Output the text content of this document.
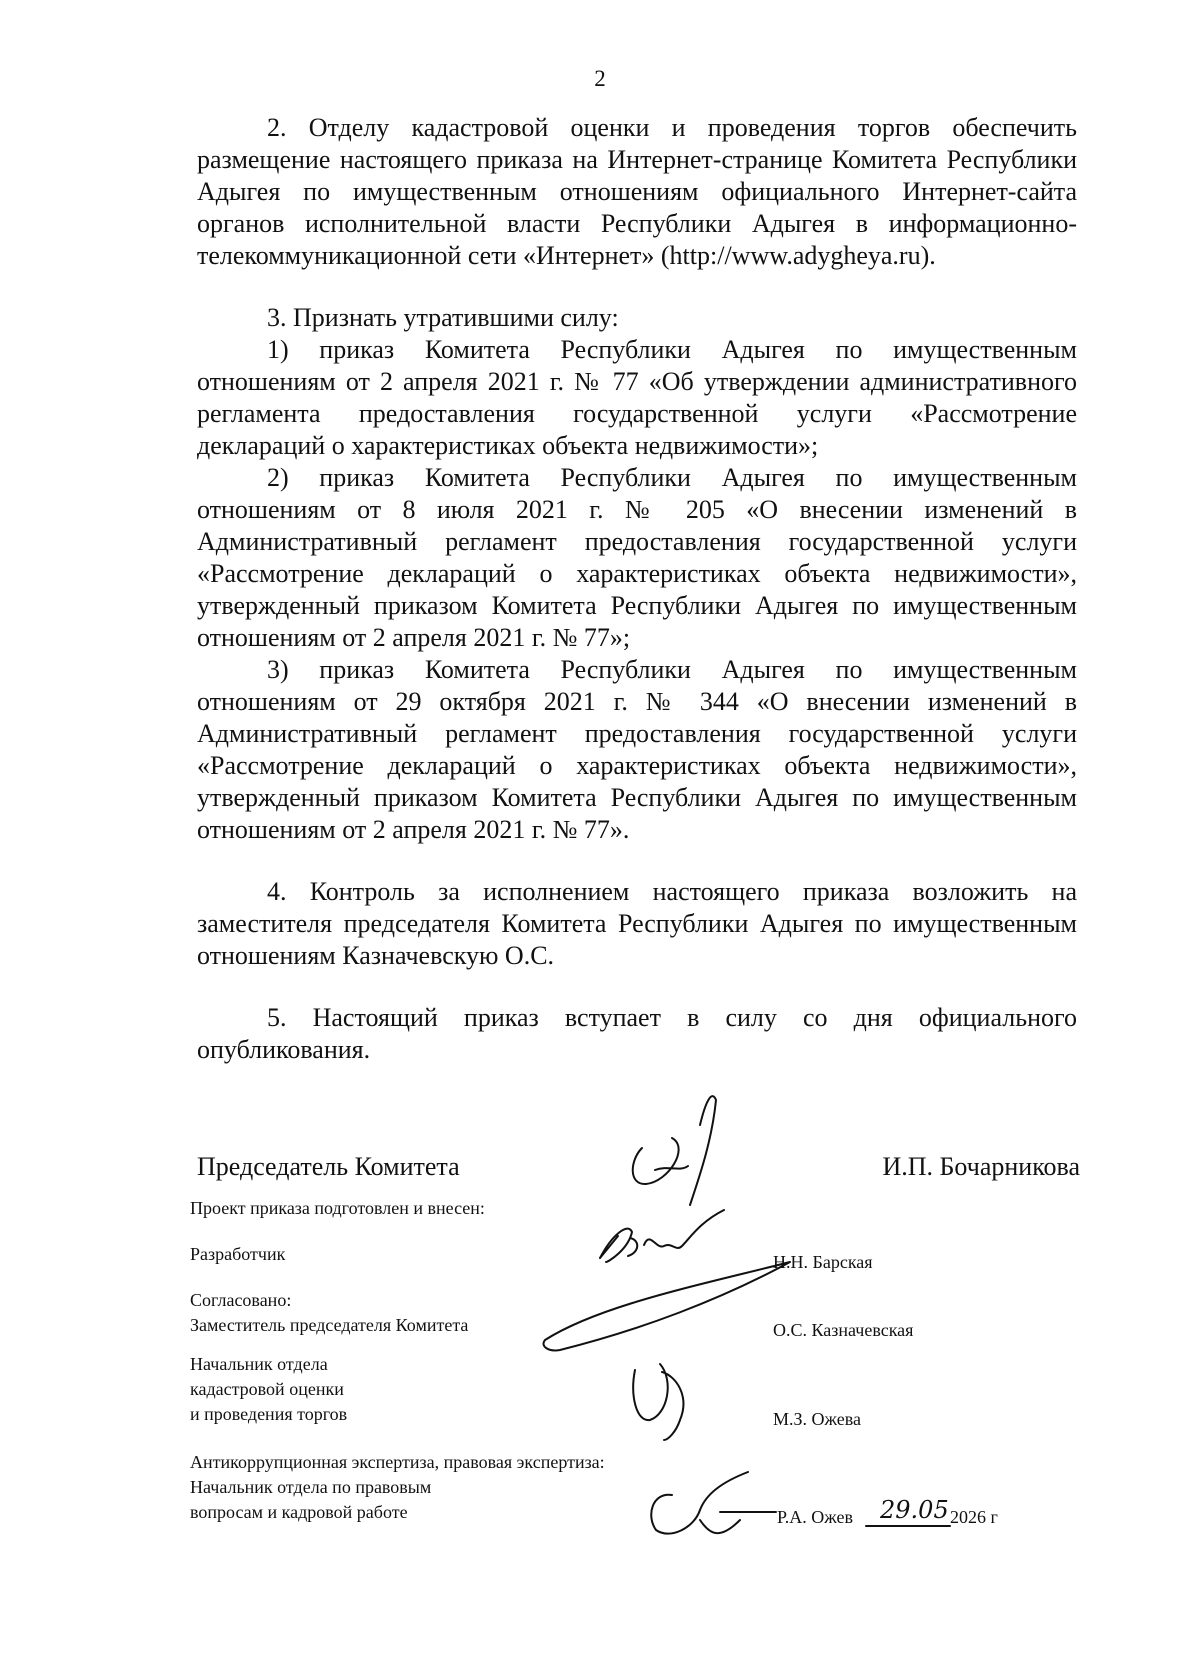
2

2. Отделу кадастровой оценки и проведения торгов обеспечить размещение настоящего приказа на Интернет-странице Комитета Республики Адыгея по имущественным отношениям официального Интернет-сайта органов исполнительной власти Республики Адыгея в информационно-телекоммуникационной сети «Интернет» (http://www.adygheya.ru).

3. Признать утратившими силу:

1) приказ Комитета Республики Адыгея по имущественным отношениям от 2 апреля 2021 г. № 77 «Об утверждении административного регламента предоставления государственной услуги «Рассмотрение деклараций о характеристиках объекта недвижимости»;

2) приказ Комитета Республики Адыгея по имущественным отношениям от 8 июля 2021 г. № 205 «О внесении изменений в Административный регламент предоставления государственной услуги «Рассмотрение деклараций о характеристиках объекта недвижимости», утвержденный приказом Комитета Республики Адыгея по имущественным отношениям от 2 апреля 2021 г. № 77»;

3) приказ Комитета Республики Адыгея по имущественным отношениям от 29 октября 2021 г. № 344 «О внесении изменений в Административный регламент предоставления государственной услуги «Рассмотрение деклараций о характеристиках объекта недвижимости», утвержденный приказом Комитета Республики Адыгея по имущественным отношениям от 2 апреля 2021 г. № 77».

4. Контроль за исполнением настоящего приказа возложить на заместителя председателя Комитета Республики Адыгея по имущественным отношениям Казначевскую О.С.

5. Настоящий приказ вступает в силу со дня официального опубликования.

Председатель Комитета	И.П. Бочарникова
Проект приказа подготовлен и внесен:
Разработчик	Н.Н. Барская
Согласовано:
Заместитель председателя Комитета	О.С. Казначевская
Начальник отдела
кадастровой оценки
и проведения торгов	М.З. Ожева
Антикоррупционная экспертиза, правовая экспертиза:
Начальник отдела по правовым
вопросам и кадровой работе	Р.А. Ожев 29.05 2026 г
